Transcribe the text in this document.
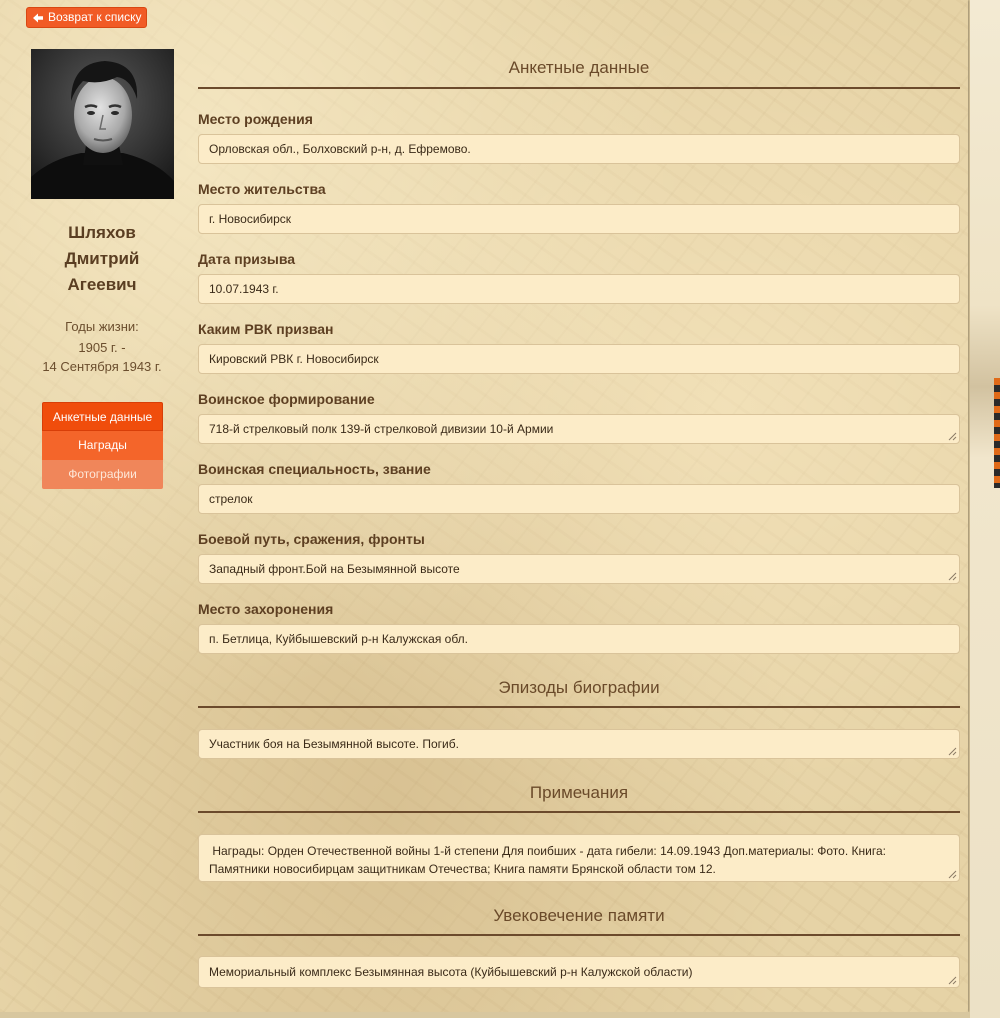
Возврат к списку
Шляхов
Дмитрий
Агеевич
Годы жизни:
1905 г. -
14 Сентября 1943 г.
Анкетные данные
Награды
Фотографии
Анкетные данные
Место рождения
Орловская обл., Болховский р-н, д. Ефремово.
Место жительства
г. Новосибирск
Дата призыва
10.07.1943 г.
Каким РВК призван
Кировский РВК г. Новосибирск
Воинское формирование
718-й стрелковый полк 139-й стрелковой дивизии 10-й Армии
Воинская специальность, звание
стрелок
Боевой путь, сражения, фронты
Западный фронт.Бой на Безымянной высоте
Место захоронения
п. Бетлица, Куйбышевский р-н Калужская обл.
Эпизоды биографии
Участник боя на Безымянной высоте. Погиб.
Примечания
Награды: Орден Отечественной войны 1-й степени Для поибших - дата гибели: 14.09.1943 Доп.материалы: Фото. Книга: Памятники новосибирцам защитникам Отечества; Книга памяти Брянской области том 12.
Увековечение памяти
Мемориальный комплекс Безымянная высота (Куйбышевский р-н Калужской области)
